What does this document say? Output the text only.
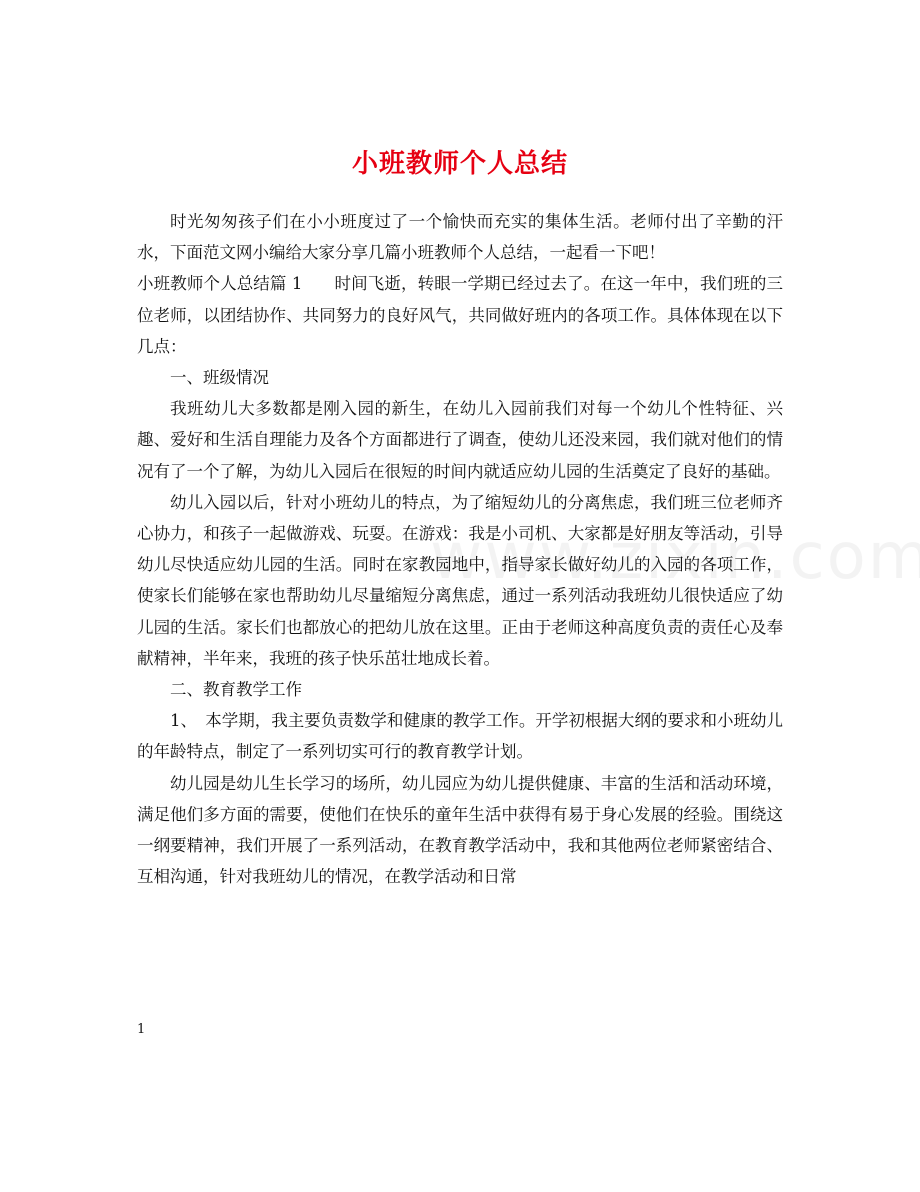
小班教师个人总结

时光匆匆孩子们在小小班度过了一个愉快而充实的集体生活。老师付出了辛勤的汗水，下面范文网小编给大家分享几篇小班教师个人总结，一起看一下吧！

小班教师个人总结篇 1 时间飞逝，转眼一学期已经过去了。在这一年中，我们班的三位老师，以团结协作、共同努力的良好风气，共同做好班内的各项工作。具体体现在以下几点：

一、班级情况

我班幼儿大多数都是刚入园的新生，在幼儿入园前我们对每一个幼儿个性特征、兴趣、爱好和生活自理能力及各个方面都进行了调查，使幼儿还没来园，我们就对他们的情况有了一个了解，为幼儿入园后在很短的时间内就适应幼儿园的生活奠定了良好的基础。

幼儿入园以后，针对小班幼儿的特点，为了缩短幼儿的分离焦虑，我们班三位老师齐心协力，和孩子一起做游戏、玩耍。在游戏：我是小司机、大家都是好朋友等活动，引导幼儿尽快适应幼儿园的生活。同时在家教园地中，指导家长做好幼儿的入园的各项工作，使家长们能够在家也帮助幼儿尽量缩短分离焦虑，通过一系列活动我班幼儿很快适应了幼儿园的生活。家长们也都放心的把幼儿放在这里。正由于老师这种高度负责的责任心及奉献精神，半年来，我班的孩子快乐茁壮地成长着。

二、教育教学工作

1、　本学期，我主要负责数学和健康的教学工作。开学初根据大纲的要求和小班幼儿的年龄特点，制定了一系列切实可行的教育教学计划。

幼儿园是幼儿生长学习的场所，幼儿园应为幼儿提供健康、丰富的生活和活动环境，满足他们多方面的需要，使他们在快乐的童年生活中获得有易于身心发展的经验。围绕这一纲要精神，我们开展了一系列活动，在教育教学活动中，我和其他两位老师紧密结合、互相沟通，针对我班幼儿的情况，在教学活动和日常

1
